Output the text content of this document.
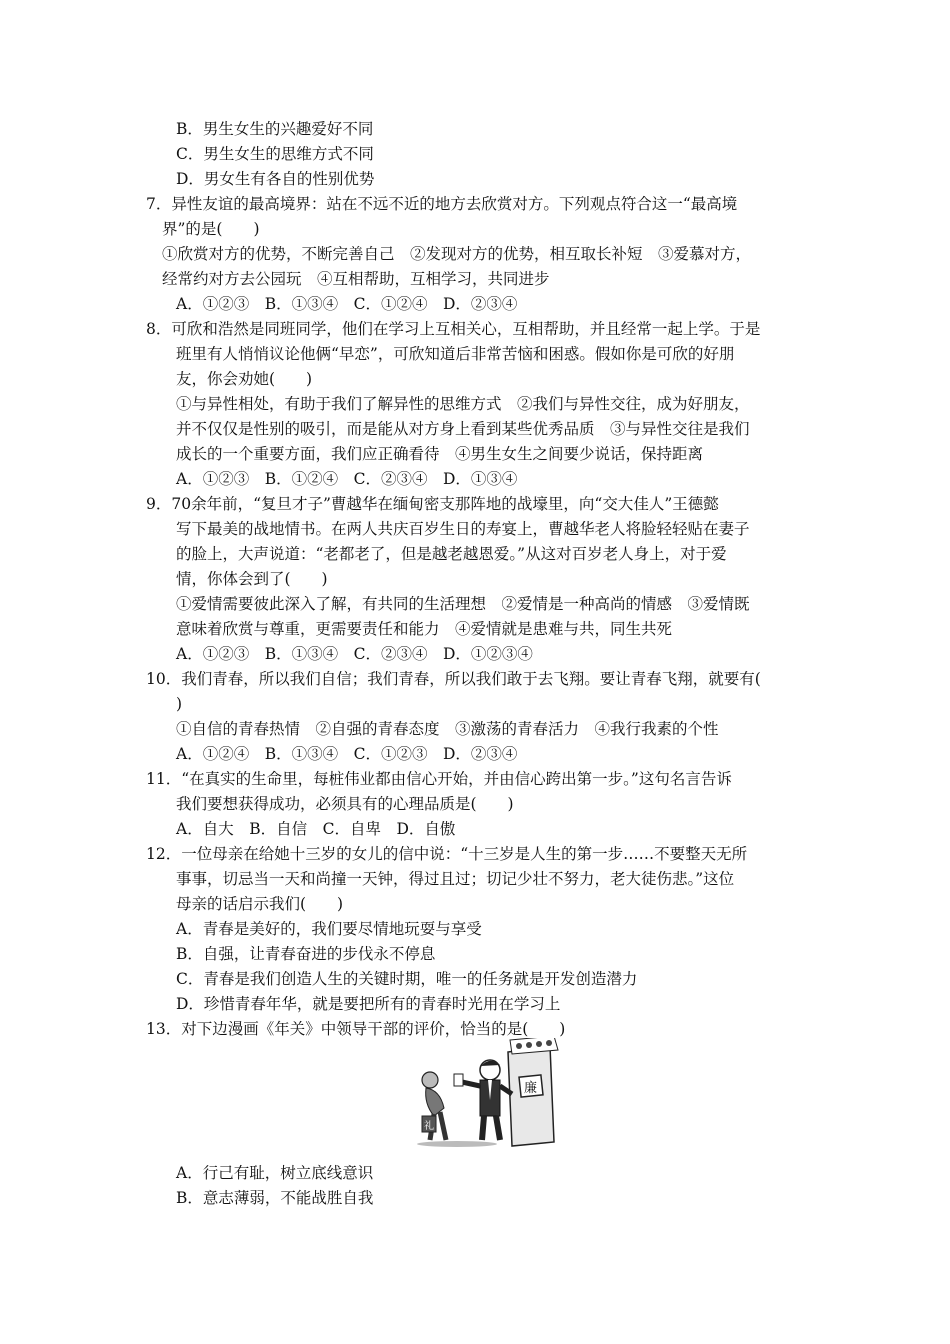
B．男生女生的兴趣爱好不同
C．男生女生的思维方式不同
D．男女生有各自的性别优势
7．异性友谊的最高境界：站在不远不近的地方去欣赏对方。下列观点符合这一“最高境
界”的是(　　)
①欣赏对方的优势，不断完善自己　②发现对方的优势，相互取长补短　③爱慕对方，
经常约对方去公园玩　④互相帮助，互相学习，共同进步
A．①②③　B．①③④　C．①②④　D．②③④
8．可欣和浩然是同班同学，他们在学习上互相关心，互相帮助，并且经常一起上学。于是
班里有人悄悄议论他俩“早恋”，可欣知道后非常苦恼和困惑。假如你是可欣的好朋
友，你会劝她(　　)
①与异性相处，有助于我们了解异性的思维方式　②我们与异性交往，成为好朋友，
并不仅仅是性别的吸引，而是能从对方身上看到某些优秀品质　③与异性交往是我们
成长的一个重要方面，我们应正确看待　④男生女生之间要少说话，保持距离
A．①②③　B．①②④　C．②③④　D．①③④
9．70余年前，“复旦才子”曹越华在缅甸密支那阵地的战壕里，向“交大佳人”王德懿
写下最美的战地情书。在两人共庆百岁生日的寿宴上，曹越华老人将脸轻轻贴在妻子
的脸上，大声说道：“老都老了，但是越老越恩爱。”从这对百岁老人身上，对于爱
情，你体会到了(　　)
①爱情需要彼此深入了解，有共同的生活理想　②爱情是一种高尚的情感　③爱情既
意味着欣赏与尊重，更需要责任和能力　④爱情就是患难与共，同生共死
A．①②③　B．①③④　C．②③④　D．①②③④
10．我们青春，所以我们自信；我们青春，所以我们敢于去飞翔。要让青春飞翔，就要有(
)
①自信的青春热情　②自强的青春态度　③激荡的青春活力　④我行我素的个性
A．①②④　B．①③④　C．①②③　D．②③④
11．“在真实的生命里，每桩伟业都由信心开始，并由信心跨出第一步。”这句名言告诉
我们要想获得成功，必须具有的心理品质是(　　)
A．自大　B．自信　C．自卑　D．自傲
12．一位母亲在给她十三岁的女儿的信中说：“十三岁是人生的第一步……不要整天无所
事事，切忌当一天和尚撞一天钟，得过且过；切记少壮不努力，老大徒伤悲。”这位
母亲的话启示我们(　　)
A．青春是美好的，我们要尽情地玩耍与享受
B．自强，让青春奋进的步伐永不停息
C．青春是我们创造人生的关键时期，唯一的任务就是开发创造潜力
D．珍惜青春年华，就是要把所有的青春时光用在学习上
13．对下边漫画《年关》中领导干部的评价，恰当的是(　　)
廉
礼
A．行己有耻，树立底线意识
B．意志薄弱，不能战胜自我
